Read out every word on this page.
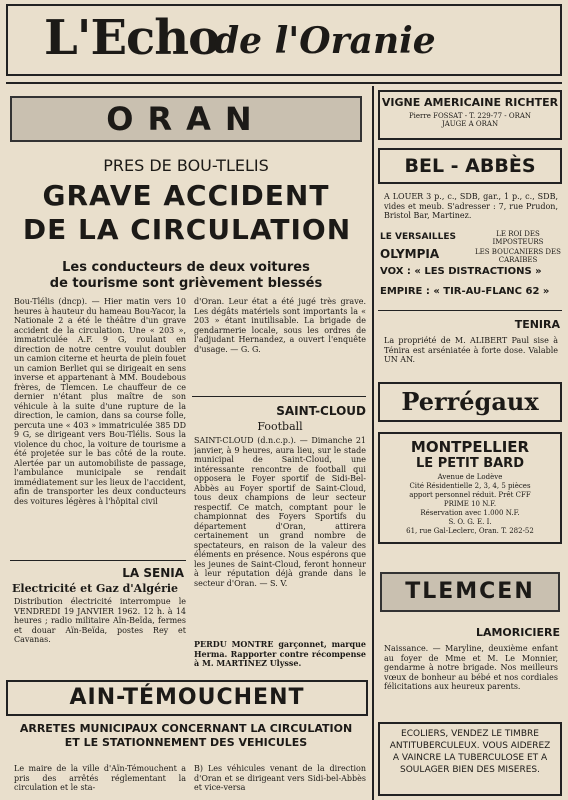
L'Echo
de l'Oranie
ORAN
PRES DE BOU-TLELIS
GRAVE ACCIDENT
DE LA CIRCULATION
Les conducteurs de deux voitures
de tourisme sont grièvement blessés
Bou-Tlélis (dncp). — Hier matin vers 10 heures à hauteur du hameau Bou-Yacor, la Nationale 2 a été le théâtre d'un grave accident de la circulation. Une « 203 », immatriculée A.F. 9 G, roulant en direction de notre centre voulut doubler un camion citerne et heurta de plein fouet un camion Berliet qui se dirigeait en sens inverse et appartenant à MM. Boudebous frères, de Tlemcen. Le chauffeur de ce dernier n'étant plus maître de son véhicule à la suite d'une rupture de la direction, le camion, dans sa course folle, percuta une « 403 » immatriculée 385 DD 9 G, se dirigeant vers Bou-Tlélis. Sous la violence du choc, la voiture de tourisme a été projetée sur le bas côté de la route. Alertée par un automobiliste de passage, l'ambulance municipale se rendait immédiatement sur les lieux de l'accident, afin de transporter les deux conducteurs des voitures légères à l'hôpital civil
d'Oran. Leur état a été jugé très grave. Les dégâts matériels sont importants la « 203 » étant inutilisable. La brigade de gendarmerie locale, sous les ordres de l'adjudant Hernandez, a ouvert l'enquête d'usage. — G. G.
SAINT-CLOUD
Football
SAINT-CLOUD (d.n.c.p.). — Dimanche 21 janvier, à 9 heures, aura lieu, sur le stade municipal de Saint-Cloud, une intéressante rencontre de football qui opposera le Foyer sportif de Sidi-Bel-Abbès au Foyer sportif de Saint-Cloud, tous deux champions de leur secteur respectif. Ce match, comptant pour le championnat des Foyers Sportifs du département d'Oran, attirera certainement un grand nombre de spectateurs, en raison de la valeur des éléments en présence. Nous espérons que les jeunes de Saint-Cloud, feront honneur à leur réputation déjà grande dans le secteur d'Oran. — S. V.
LA SENIA
Electricité et Gaz d'Algérie
Distribution électricité interrompue le VENDREDI 19 JANVIER 1962. 12 h. à 14 heures ; radio militaire Aïn-Beïda, fermes et douar Aïn-Beïda, postes Rey et Cavanas.	PERDU MONTRE garçonnet, marque Herma. Rapporter contre récompense à M. MARTINEZ Ulysse.
AIN-TÉMOUCHENT
ARRETES MUNICIPAUX CONCERNANT LA CIRCULATION
ET LE STATIONNEMENT DES VEHICULES
Le maire de la ville d'Aïn-Témouchent a pris des arrêtés réglementant la circulation et le sta-
B) Les véhicules venant de la direction d'Oran et se dirigeant vers Sidi-bel-Abbès et vice-versa
VIGNE AMERICAINE RICHTER
Pierre FOSSAT - T. 229-77 - ORAN
JAUGE A ORAN
BEL - ABBÈS
A LOUER 3 p., c., SDB, gar., 1 p., c., SDB, vides et meub. S'adresser : 7, rue Prudon, Bristol Bar, Martinez.
LE VERSAILLES	LE ROI DES IMPOSTEURS
OLYMPIA	LES BOUCANIERS DES CARAIBES
VOX : « LES DISTRACTIONS »
EMPIRE : « TIR-AU-FLANC 62 »
TENIRA
La propriété de M. ALIBERT Paul sise à Ténira est arséniatée à forte dose. Valable UN AN.
Perrégaux
MONTPELLIER
LE PETIT BARD
Avenue de Lodève
Cité Résidentielle 2, 3, 4, 5 pièces
apport personnel réduit. Prêt CFF
PRIME 10 N.F.
Réservation avec 1.000 N.F.
S. O. G. E. I.
61, rue Gal-Leclerc, Oran. T. 282-52
TLEMCEN
LAMORICIERE
Naissance. — Maryline, deuxième enfant au foyer de Mme et M. Le Monnier, gendarme à notre brigade. Nos meilleurs vœux de bonheur au bébé et nos cordiales félicitations aux heureux parents.
ECOLIERS, VENDEZ LE TIMBRE ANTITUBERCULEUX. VOUS AIDEREZ A VAINCRE LA TUBERCULOSE ET A SOULAGER BIEN DES MISERES.
